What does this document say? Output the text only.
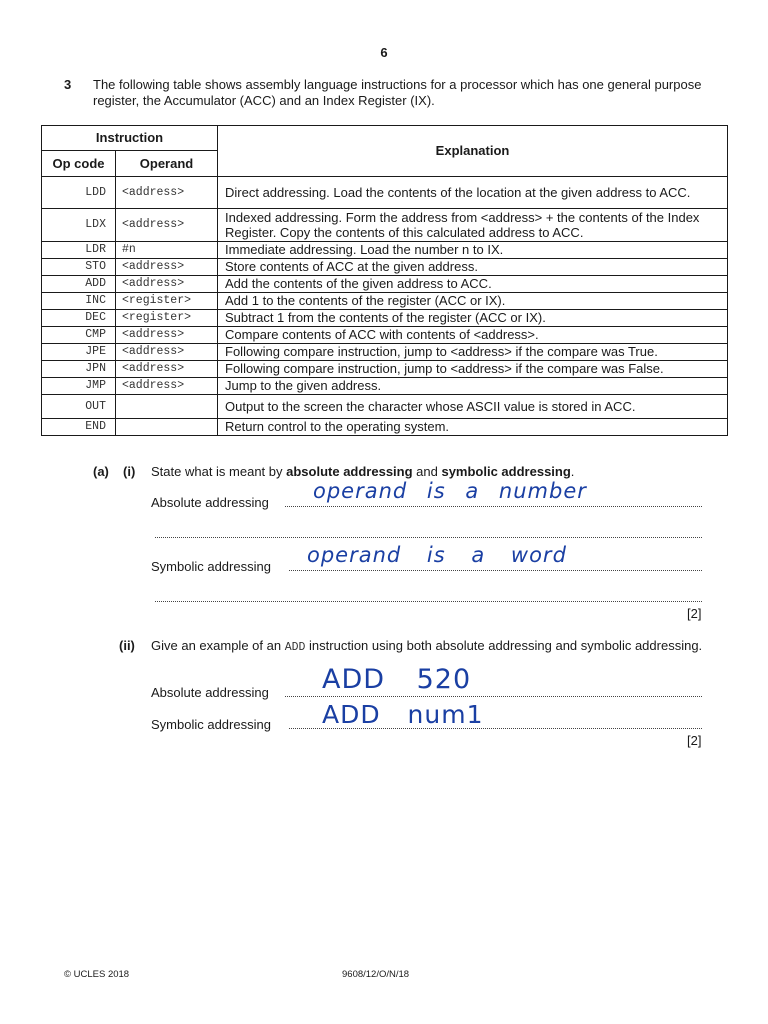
6
3 The following table shows assembly language instructions for a processor which has one general purpose register, the Accumulator (ACC) and an Index Register (IX).
Instruction		Explanation
Op code	Operand	
LDD	<address>	Direct addressing. Load the contents of the location at the given address to ACC.
LDX	<address>	Indexed addressing. Form the address from <address> + the contents of the Index Register. Copy the contents of this calculated address to ACC.
LDR	#n	Immediate addressing. Load the number n to IX.
STO	<address>	Store contents of ACC at the given address.
ADD	<address>	Add the contents of the given address to ACC.
INC	<register>	Add 1 to the contents of the register (ACC or IX).
DEC	<register>	Subtract 1 from the contents of the register (ACC or IX).
CMP	<address>	Compare contents of ACC with contents of <address>.
JPE	<address>	Following compare instruction, jump to <address> if the compare was True.
JPN	<address>	Following compare instruction, jump to <address> if the compare was False.
JMP	<address>	Jump to the given address.
OUT		Output to the screen the character whose ASCII value is stored in ACC.
END		Return control to the operating system.
(a) (i) State what is meant by absolute addressing and symbolic addressing.
Absolute addressing operand is a number
Symbolic addressing operand is a word
[2]
(ii) Give an example of an ADD instruction using both absolute addressing and symbolic addressing.
Absolute addressing ADD 520
Symbolic addressing ADD num1
[2]
© UCLES 2018	9608/12/O/N/18
